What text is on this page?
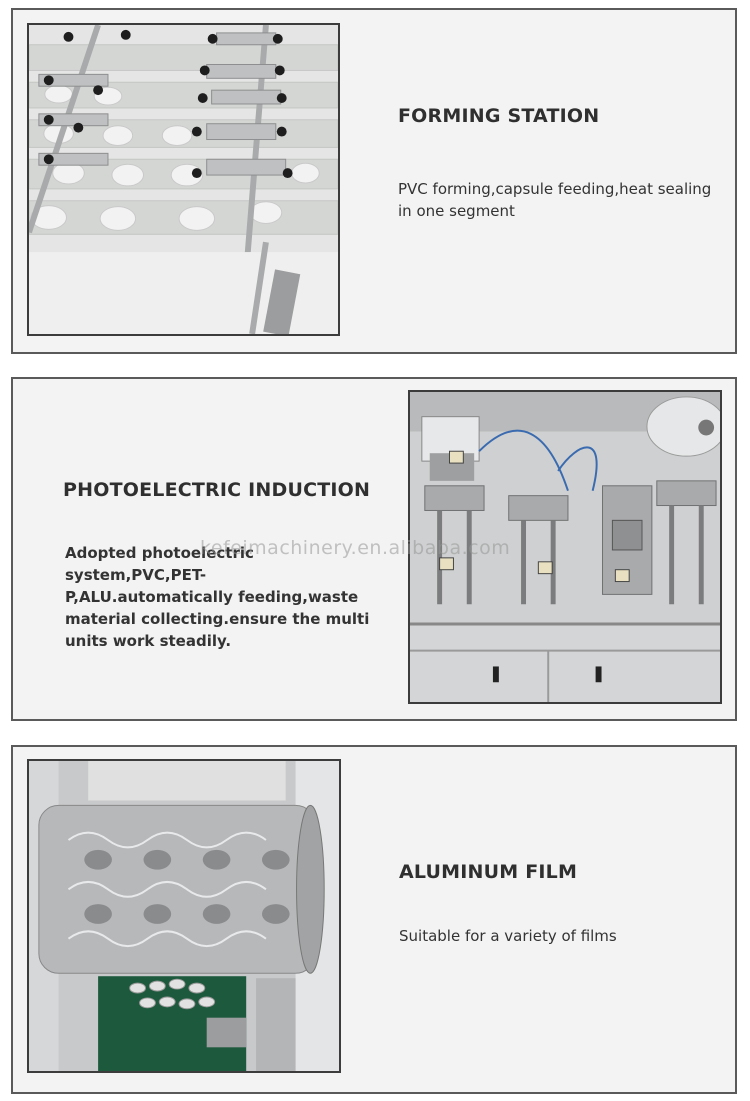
FORMING STATION
PVC forming,capsule feeding,heat sealing in one segment
PHOTOELECTRIC INDUCTION
Adopted photoelectric system,PVC,PET-P,ALU.automatically feeding,waste material collecting.ensure the multi units work steadily.
ALUMINUM FILM
Suitable for a variety of films
kefeimachinery.en.alibaba.com
